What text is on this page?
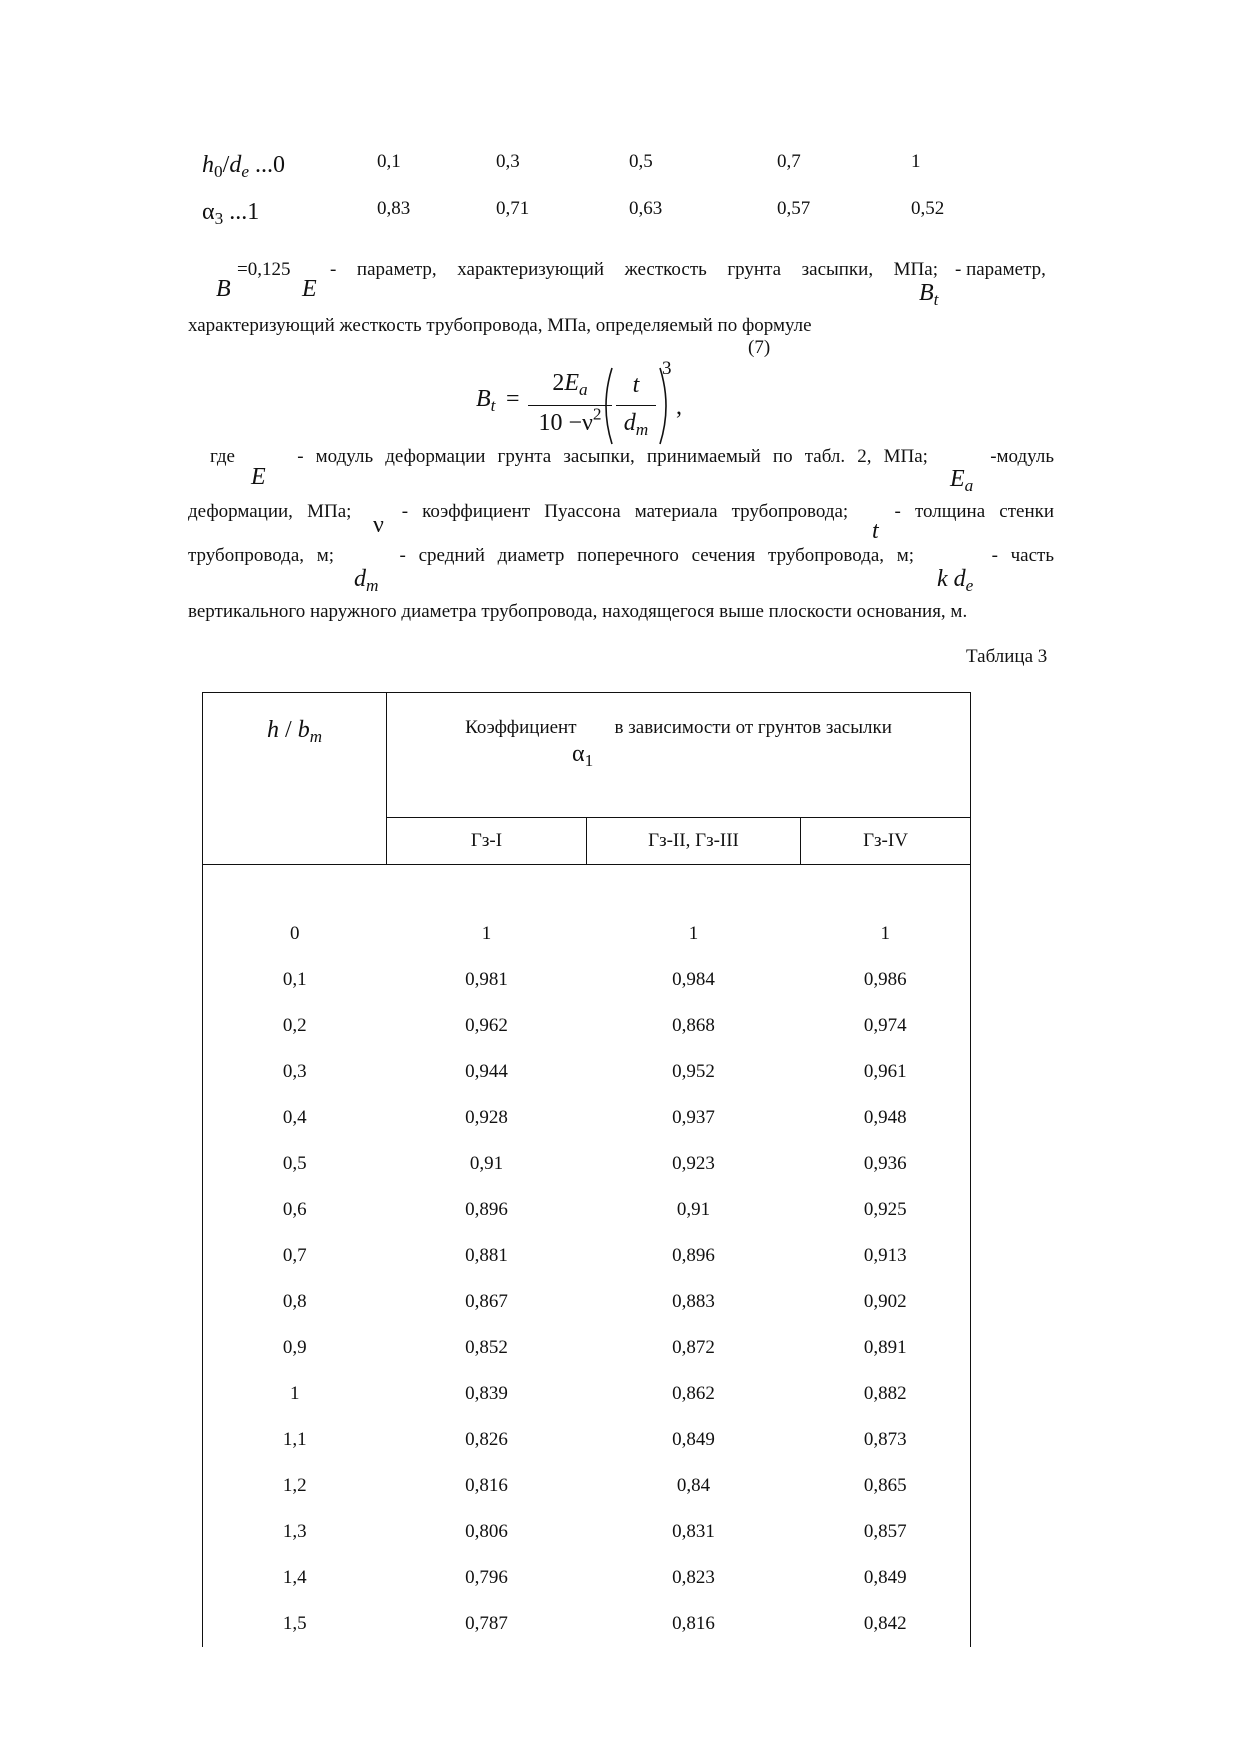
$h_0/d_e$ ...0	0,1	0,3	0,5	0,7	1
$\alpha_3$ ...1	0,83	0,71	0,63	0,57	0,52
=0,125
B	E
- параметр, характеризующий жесткость грунта засыпки, МПа;
$B_t$
- параметр,
характеризующий жесткость трубопровода, МПа, определяемый по формуле
(7)
$B_t$ =
$2E_a$
$10 -\nu^2$
t
$d_m$
3
,
где	- модуль деформации грунта засыпки, принимаемый по табл. 2, МПа;	-модуль
E	$E_a$
деформации, МПа;	- коэффициент Пуассона материала трубопровода; - толщина стенки
ν	t
трубопровода, м;	- средний диаметр поперечного сечения трубопровода, м;	- часть
$d_m$	k $d_e$
вертикального наружного диаметра трубопровода, находящегося выше плоскости основания, м.
Таблица 3
h / $b_m$	Коэффициент        в зависимости от грунтов засылки
$\alpha_1$

	Гз-I	Гз-II, Гз-III	Гз-IV

0	1	1	1
0,1	0,981	0,984	0,986
0,2	0,962	0,868	0,974
0,3	0,944	0,952	0,961
0,4	0,928	0,937	0,948
0,5	0,91	0,923	0,936
0,6	0,896	0,91	0,925
0,7	0,881	0,896	0,913
0,8	0,867	0,883	0,902
0,9	0,852	0,872	0,891
1	0,839	0,862	0,882
1,1	0,826	0,849	0,873
1,2	0,816	0,84	0,865
1,3	0,806	0,831	0,857
1,4	0,796	0,823	0,849
1,5	0,787	0,816	0,842
